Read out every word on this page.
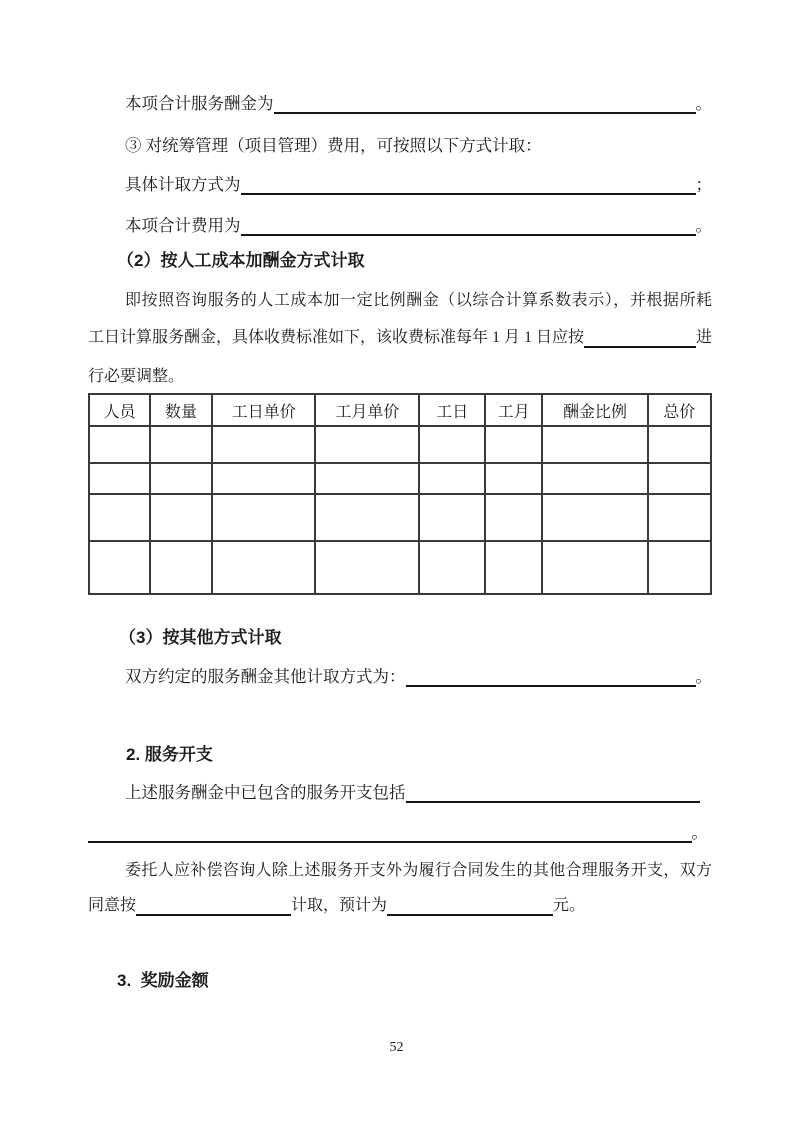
本项合计服务酬金为	。
③ 对统筹管理（项目管理）费用，可按照以下方式计取：
具体计取方式为	；
本项合计费用为	。
（2）按人工成本加酬金方式计取
即按照咨询服务的人工成本加一定比例酬金（以综合计算系数表示），并根据所耗
工日计算服务酬金，具体收费标准如下，该收费标准每年 1 月 1 日应按	进
行必要调整。
人员	数量	工日单价	工月单价	工日	工月	酬金比例	总价

（3）按其他方式计取
双方约定的服务酬金其他计取方式为：	。
2. 服务开支
上述服务酬金中已包含的服务开支包括
。
委托人应补偿咨询人除上述服务开支外为履行合同发生的其他合理服务开支，双方
同意按	计取，预计为	元。
3.  奖励金额
52
